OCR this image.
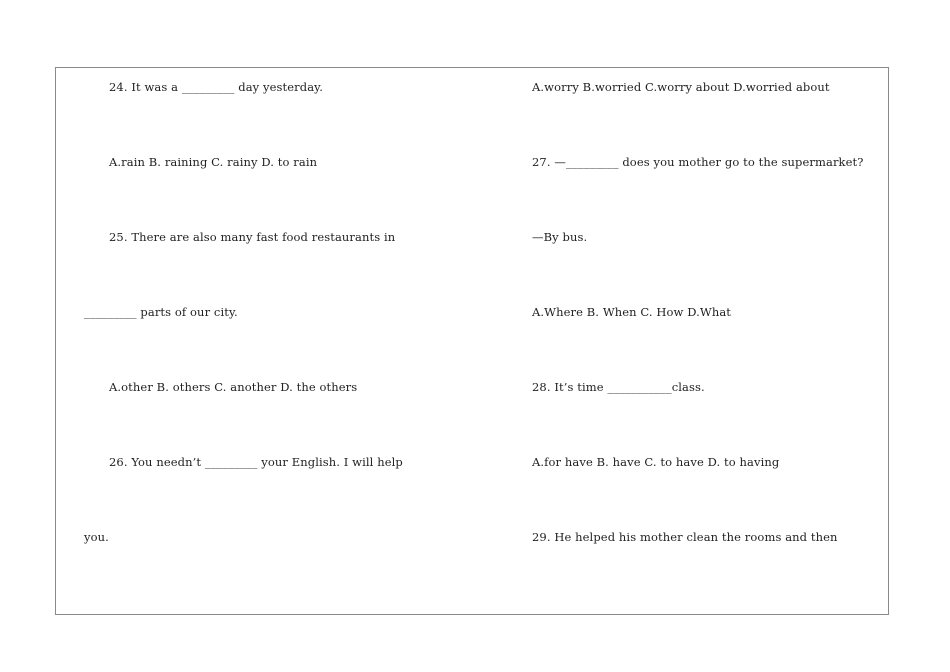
24. It was a _________ day yesterday.
A.rain B. raining C. rainy D. to rain
25. There are also many fast food restaurants in
_________ parts of our city.
A.other B. others C. another D. the others
26. You needn’t _________ your English. I will help
you.
A.worry B.worried C.worry about D.worried about
27. —_________ does you mother go to the supermarket?
—By bus.
A.Where B. When C. How D.What
28. It’s time ___________class.
A.for have B. have C. to have D. to having
29. He helped his mother clean the rooms and then
